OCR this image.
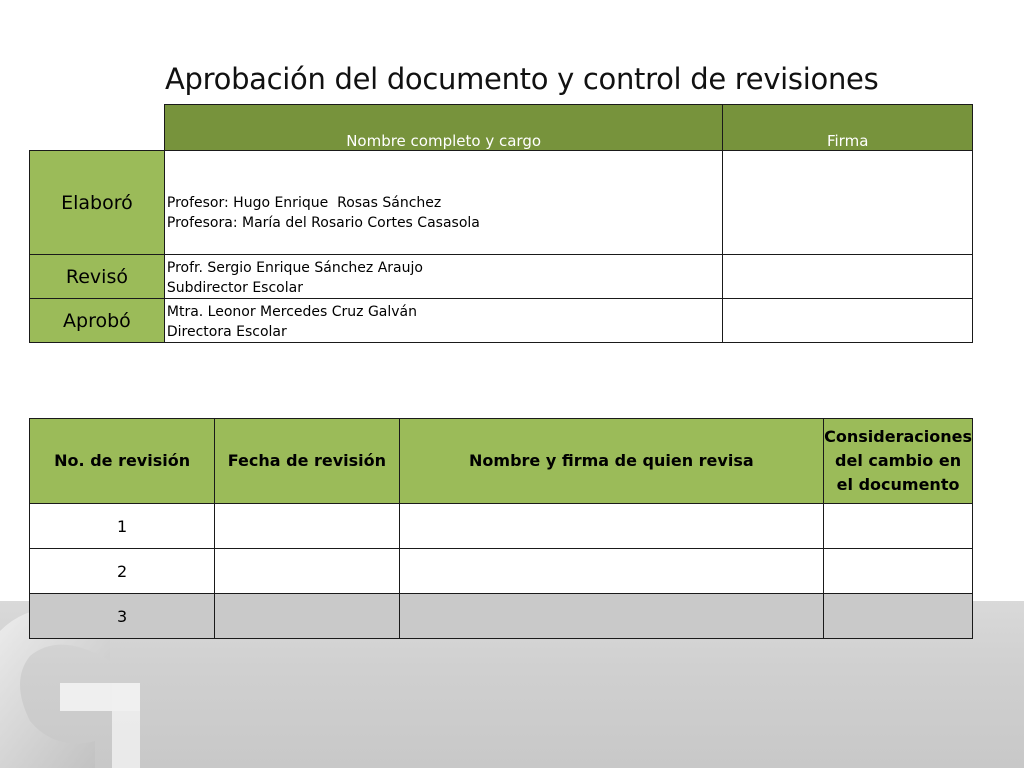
Aprobación del documento y control de revisiones
	Nombre completo y cargo	Firma
Elaboró	Profesor: Hugo Enrique  Rosas Sánchez
Profesora: María del Rosario Cortes Casasola	

Revisó	Profr. Sergio Enrique Sánchez Araujo
Subdirector Escolar	

Aprobó	Mtra. Leonor Mercedes Cruz Galván
Directora Escolar	

No. de revisión	Fecha de revisión	Nombre y firma de quien revisa	Consideraciones del cambio en el documento
1			
2			
3			
